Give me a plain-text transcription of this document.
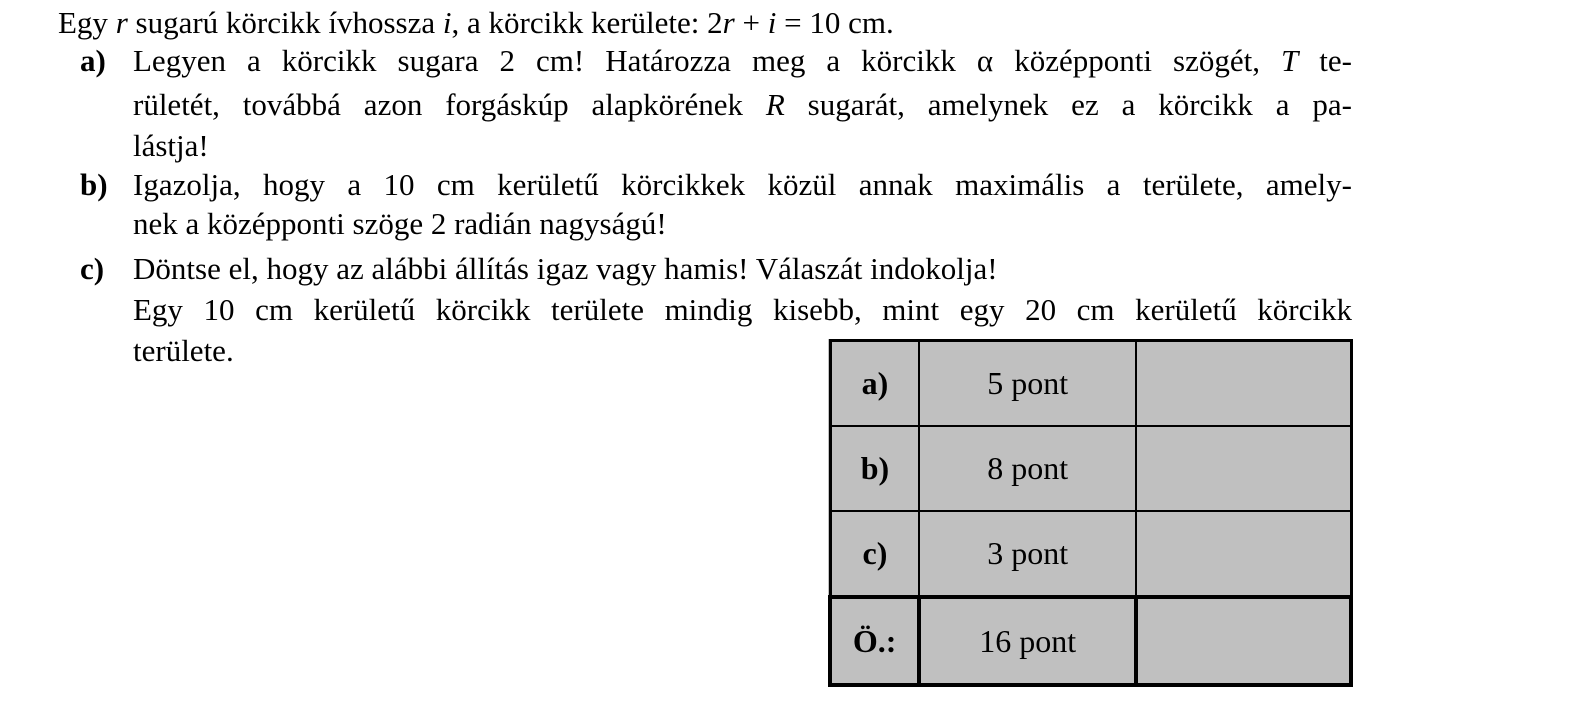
Egy r sugarú körcikk ívhossza i, a körcikk kerülete: 2r + i = 10 cm.
a) Legyen a körcikk sugara 2 cm! Határozza meg a körcikk α középponti szögét, T te-
rületét, továbbá azon forgáskúp alapkörének R sugarát, amelynek ez a körcikk a pa-
lástja!
b) Igazolja, hogy a 10 cm kerületű körcikkek közül annak maximális a területe, amely-
nek a középponti szöge 2 radián nagyságú!
c) Döntse el, hogy az alábbi állítás igaz vagy hamis! Válaszát indokolja!
Egy 10 cm kerületű körcikk területe mindig kisebb, mint egy 20 cm kerületű körcikk
területe.
a)	5 pont	
b)	8 pont	
c)	3 pont	
Ö.:	16 pont	
